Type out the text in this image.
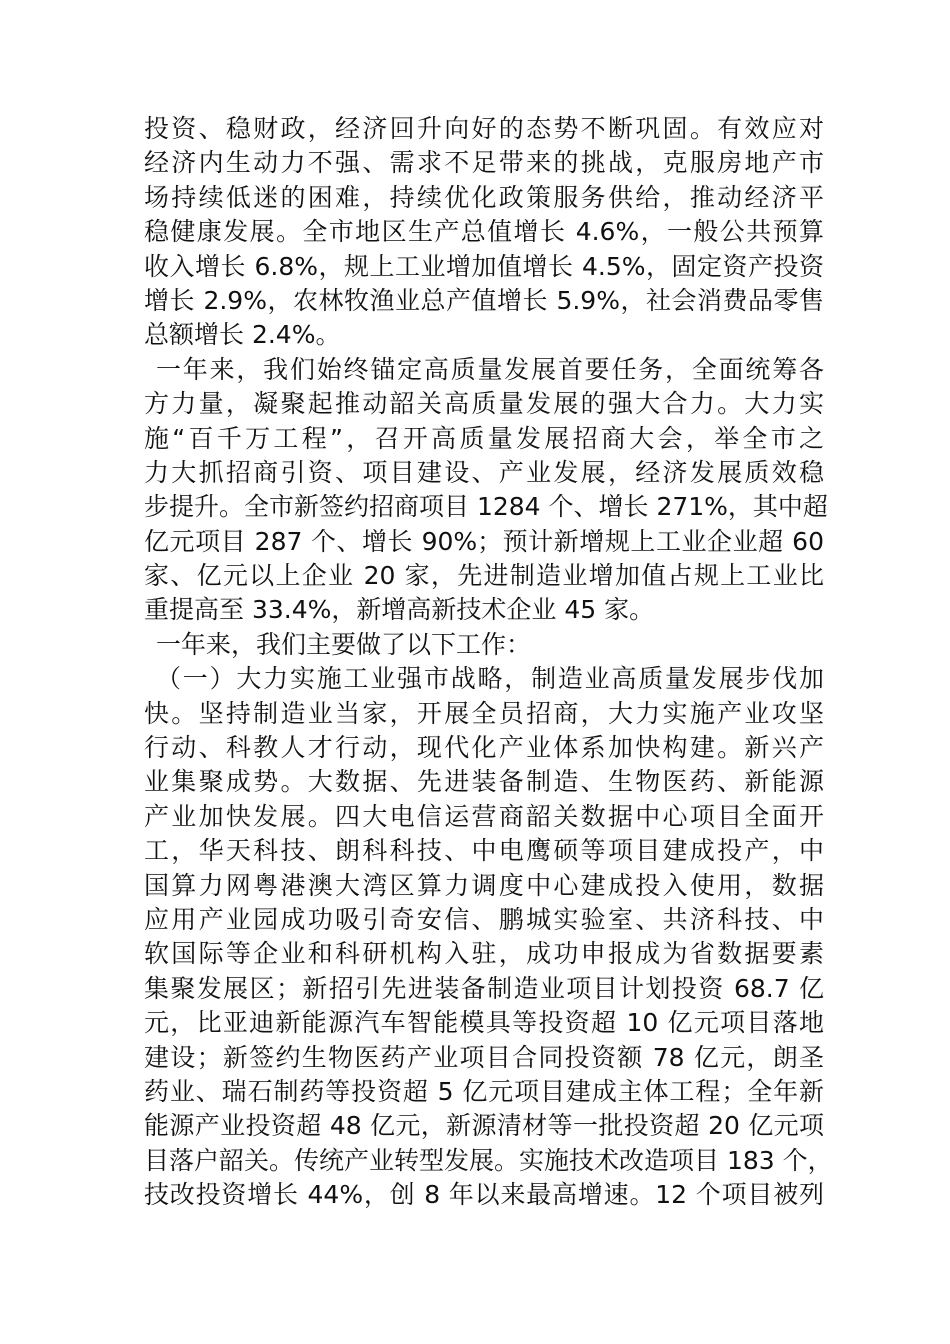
投资、稳财政，经济回升向好的态势不断巩固。有效应对
经济内生动力不强、需求不足带来的挑战，克服房地产市
场持续低迷的困难，持续优化政策服务供给，推动经济平
稳健康发展。全市地区生产总值增长 4.6%，一般公共预算
收入增长 6.8%，规上工业增加值增长 4.5%，固定资产投资
增长 2.9%，农林牧渔业总产值增长 5.9%，社会消费品零售
总额增长 2.4%。
一年来，我们始终锚定高质量发展首要任务，全面统筹各
方力量，凝聚起推动韶关高质量发展的强大合力。大力实
施“百千万工程”，召开高质量发展招商大会，举全市之
力大抓招商引资、项目建设、产业发展，经济发展质效稳
步提升。全市新签约招商项目 1284 个、增长 271%，其中超
亿元项目 287 个、增长 90%；预计新增规上工业企业超 60
家、亿元以上企业 20 家，先进制造业增加值占规上工业比
重提高至 33.4%，新增高新技术企业 45 家。
一年来，我们主要做了以下工作：
（一）大力实施工业强市战略，制造业高质量发展步伐加
快。坚持制造业当家，开展全员招商，大力实施产业攻坚
行动、科教人才行动，现代化产业体系加快构建。新兴产
业集聚成势。大数据、先进装备制造、生物医药、新能源
产业加快发展。四大电信运营商韶关数据中心项目全面开
工，华天科技、朗科科技、中电鹰硕等项目建成投产，中
国算力网粤港澳大湾区算力调度中心建成投入使用，数据
应用产业园成功吸引奇安信、鹏城实验室、共济科技、中
软国际等企业和科研机构入驻，成功申报成为省数据要素
集聚发展区；新招引先进装备制造业项目计划投资 68.7 亿
元，比亚迪新能源汽车智能模具等投资超 10 亿元项目落地
建设；新签约生物医药产业项目合同投资额 78 亿元，朗圣
药业、瑞石制药等投资超 5 亿元项目建成主体工程；全年新
能源产业投资超 48 亿元，新源清材等一批投资超 20 亿元项
目落户韶关。传统产业转型发展。实施技术改造项目 183 个，
技改投资增长 44%，创 8 年以来最高增速。12 个项目被列
